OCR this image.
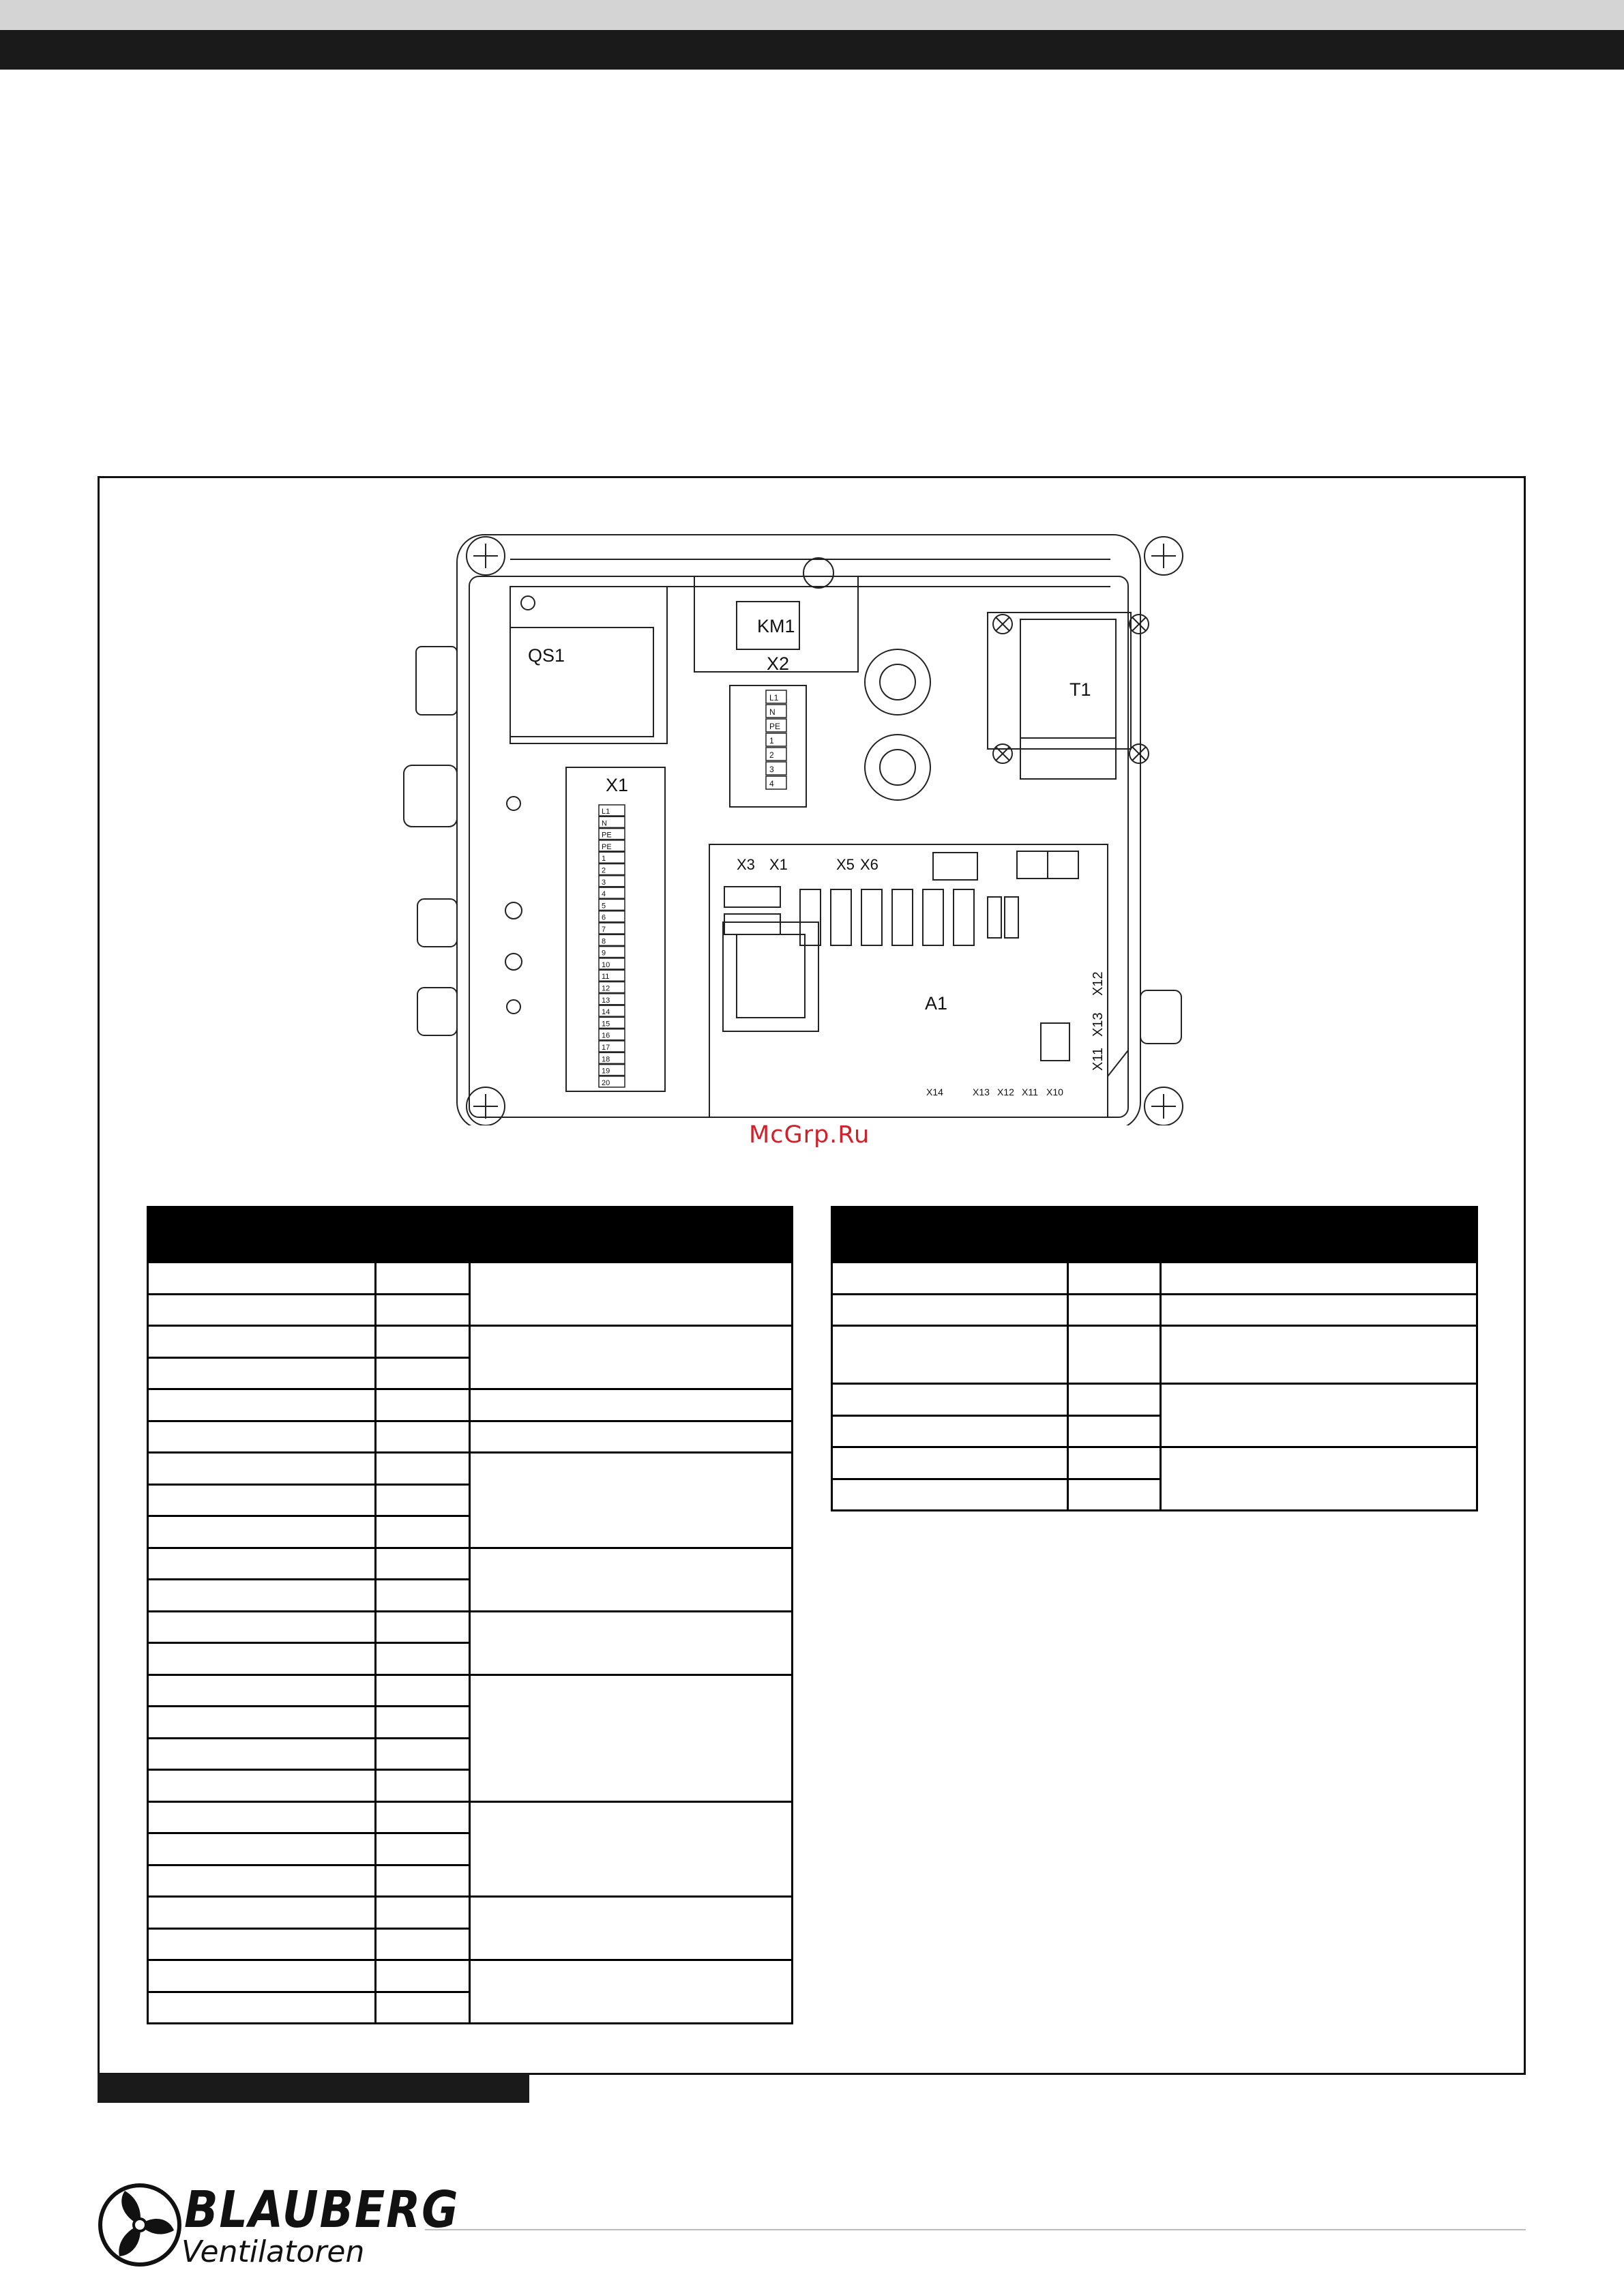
QS1
KM1
X2
T1
X1
A1
L1
N
PE
1
2
3
4
L1
N
PE
PE
1
2
3
4
5
6
7
8
9
10
11
12
13
14
15
16
17
18
19
20
X3 X1	X5 X6
X12
X13
X11
X14	X13 X12 X11 X10
McGrp.Ru

BLAUBERG
Ventilatoren
